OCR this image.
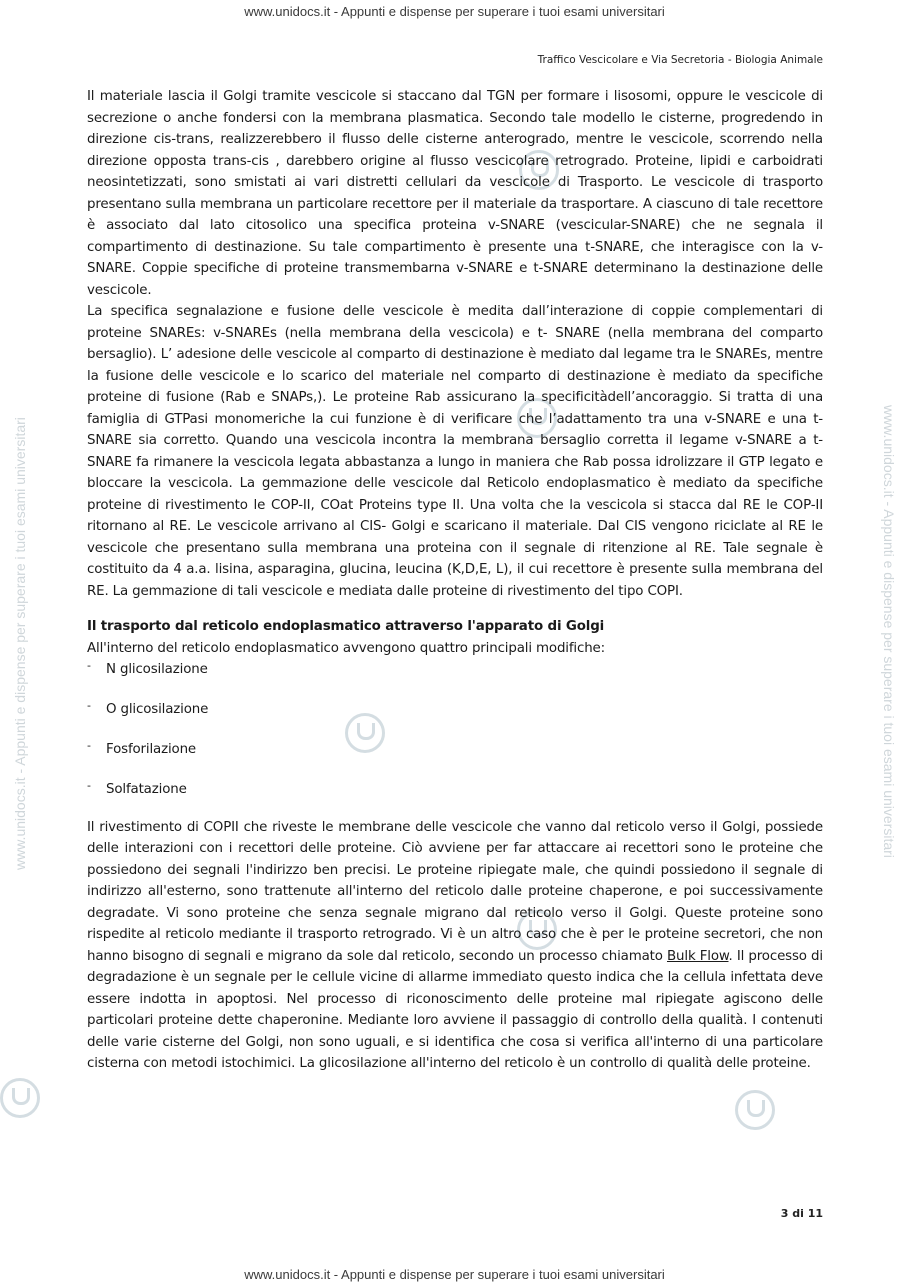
www.unidocs.it - Appunti e dispense per superare i tuoi esami universitari
www.unidocs.it - Appunti e dispense per superare i tuoi esami universitari	www.unidocs.it - Appunti e dispense per superare i tuoi esami universitari
Traffico Vescicolare e Via Secretoria - Biologia Animale

Il materiale lascia il Golgi tramite vescicole si staccano dal TGN per formare i lisosomi, oppure le vescicole di secrezione o anche fondersi con la membrana plasmatica. Secondo tale modello le cisterne, progredendo in direzione cis-trans, realizzerebbero il flusso delle cisterne anterogrado, mentre le vescicole, scorrendo nella direzione opposta trans-cis , darebbero origine al flusso vescicolare retrogrado. Proteine, lipidi e carboidrati neosintetizzati, sono smistati ai vari distretti cellulari da vescicole di Trasporto. Le vescicole di trasporto presentano sulla membrana un particolare recettore per il materiale da trasportare. A ciascuno di tale recettore è associato dal lato citosolico una specifica proteina v-SNARE (vescicular-SNARE) che ne segnala il compartimento di destinazione. Su tale compartimento è presente una t-SNARE, che interagisce con la v-SNARE. Coppie specifiche di proteine transmembarna v-SNARE e t-SNARE determinano la destinazione delle vescicole.

La specifica segnalazione e fusione delle vescicole è medita dall’interazione di coppie complementari di proteine SNAREs: v-SNAREs (nella membrana della vescicola) e t- SNARE (nella membrana del comparto bersaglio). L’ adesione delle vescicole al comparto di destinazione è mediato dal legame tra le SNAREs, mentre la fusione delle vescicole e lo scarico del materiale nel comparto di destinazione è mediato da specifiche proteine di fusione (Rab e SNAPs,). Le proteine Rab assicurano la specificitàdell’ancoraggio. Si tratta di una famiglia di GTPasi monomeriche la cui funzione è di verificare che l’adattamento tra una v-SNARE e una t-SNARE sia corretto. Quando una vescicola incontra la membrana bersaglio corretta il legame v-SNARE a t-SNARE fa rimanere la vescicola legata abbastanza a lungo in maniera che Rab possa idrolizzare il GTP legato e bloccare la vescicola. La gemmazione delle vescicole dal Reticolo endoplasmatico è mediato da specifiche proteine di rivestimento le COP-II, COat Proteins type II. Una volta che la vescicola si stacca dal RE le COP-II ritornano al RE. Le vescicole arrivano al CIS- Golgi e scaricano il materiale. Dal CIS vengono riciclate al RE le vescicole che presentano sulla membrana una proteina con il segnale di ritenzione al RE. Tale segnale è costituito da 4 a.a. lisina, asparagina, glucina, leucina (K,D,E, L), il cui recettore è presente sulla membrana del RE. La gemmazione di tali vescicole e mediata dalle proteine di rivestimento del tipo COPI.

Il trasporto dal reticolo endoplasmatico attraverso l'apparato di Golgi

All'interno del reticolo endoplasmatico avvengono quattro principali modifiche:

- N glicosilazione
- O glicosilazione
- Fosforilazione
- Solfatazione

Il rivestimento di COPII che riveste le membrane delle vescicole che vanno dal reticolo verso il Golgi, possiede delle interazioni con i recettori delle proteine. Ciò avviene per far attaccare ai recettori sono le proteine che possiedono dei segnali l'indirizzo ben precisi. Le proteine ripiegate male, che quindi possiedono il segnale di indirizzo all'esterno, sono trattenute all'interno del reticolo dalle proteine chaperone, e poi successivamente degradate. Vi sono proteine che senza segnale migrano dal reticolo verso il Golgi. Queste proteine sono rispedite al reticolo mediante il trasporto retrogrado. Vi è un altro caso che è per le proteine secretori, che non hanno bisogno di segnali e migrano da sole dal reticolo, secondo un processo chiamato Bulk Flow. Il processo di degradazione è un segnale per le cellule vicine di allarme immediato questo indica che la cellula infettata deve essere indotta in apoptosi. Nel processo di riconoscimento delle proteine mal ripiegate agiscono delle particolari proteine dette chaperonine. Mediante loro avviene il passaggio di controllo della qualità. I contenuti delle varie cisterne del Golgi, non sono uguali, e si identifica che cosa si verifica all'interno di una particolare cisterna con metodi istochimici. La glicosilazione all'interno del reticolo è un controllo di qualità delle proteine.

3 di 11
www.unidocs.it - Appunti e dispense per superare i tuoi esami universitari
